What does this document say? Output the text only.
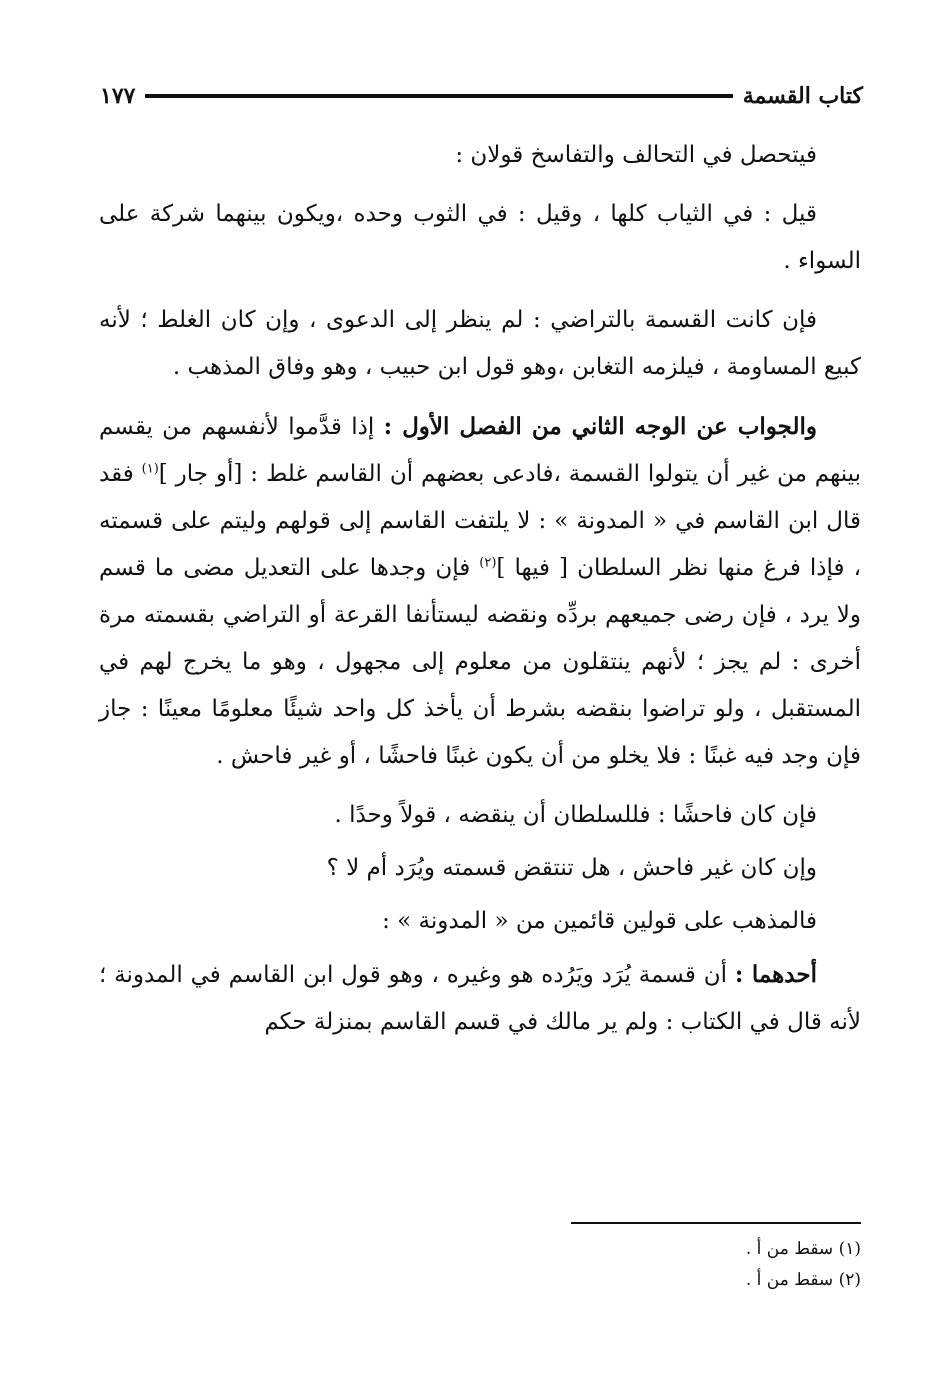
كتاب القسمة
١٧٧

فيتحصل في التحالف والتفاسخ قولان :

قيل : في الثياب كلها ، وقيل : في الثوب وحده ،ويكون بينهما شركة على السواء .

فإن كانت القسمة بالتراضي : لم ينظر إلى الدعوى ، وإن كان الغلط ؛ لأنه كبيع المساومة ، فيلزمه التغابن ،وهو قول ابن حبيب ، وهو وفاق المذهب .

والجواب عن الوجه الثاني من الفصل الأول : إذا قدَّموا لأنفسهم من يقسم بينهم من غير أن يتولوا القسمة ،فادعى بعضهم أن القاسم غلط : [أو جار ]$^{(١)}$ فقد قال ابن القاسم في « المدونة » : لا يلتفت القاسم إلى قولهم وليتم على قسمته ، فإذا فرغ منها نظر السلطان [ فيها ]$^{(٢)}$ فإن وجدها على التعديل مضى ما قسم ولا يرد ، فإن رضى جميعهم بردِّه ونقضه ليستأنفا القرعة أو التراضي بقسمته مرة أخرى : لم يجز ؛ لأنهم ينتقلون من معلوم إلى مجهول ، وهو ما يخرج لهم في المستقبل ، ولو تراضوا بنقضه بشرط أن يأخذ كل واحد شيئًا معلومًا معينًا : جاز فإن وجد فيه غبنًا : فلا يخلو من أن يكون غبنًا فاحشًا ، أو غير فاحش .

فإن كان فاحشًا : فللسلطان أن ينقضه ، قولاً وحدًا .

وإن كان غير فاحش ، هل تنتقض قسمته ويُرَد أم لا ؟

فالمذهب على قولين قائمين من « المدونة » :

أحدهما : أن قسمة يُرَد ويَرُده هو وغيره ، وهو قول ابن القاسم في المدونة ؛ لأنه قال في الكتاب : ولم ير مالك في قسم القاسم بمنزلة حكم

(١) سقط من أ .
(٢) سقط من أ .
